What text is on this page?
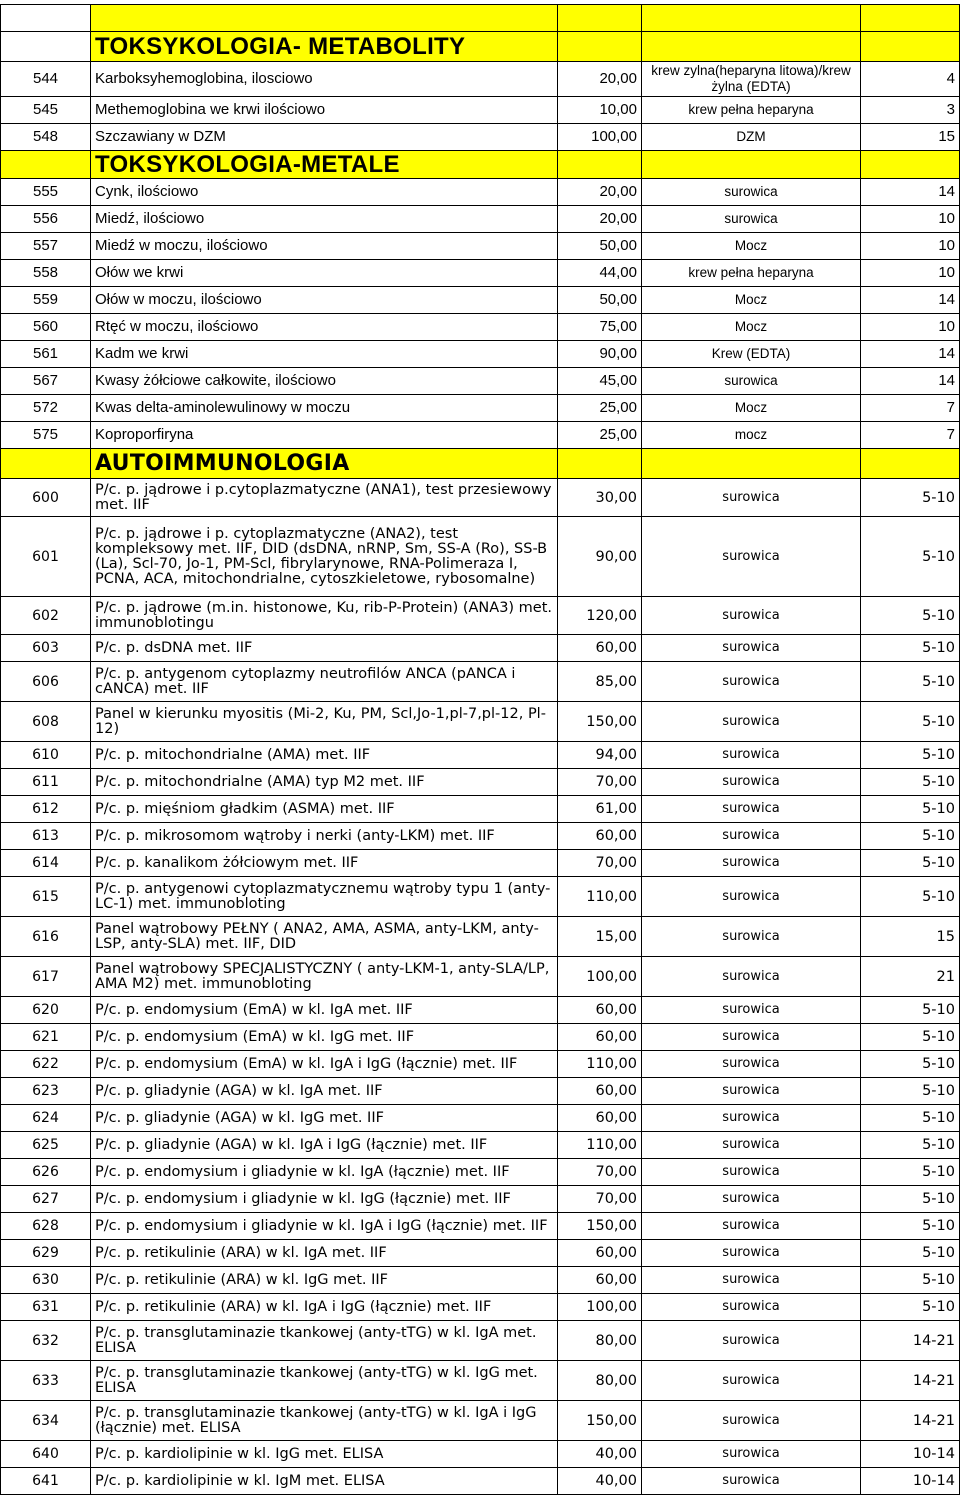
	TOKSYKOLOGIA- METABOLITY			
544	Karboksyhemoglobina, ilosciowo	20,00	krew zylna(heparyna litowa)/krew żylna (EDTA)	4
545	Methemoglobina we krwi ilościowo	10,00	krew pełna heparyna	3
548	Szczawiany w DZM	100,00	DZM	15
	TOKSYKOLOGIA-METALE			
555	Cynk, ilościowo	20,00	surowica	14
556	Miedź, ilościowo	20,00	surowica	10
557	Miedź w moczu, ilościowo	50,00	Mocz	10
558	Ołów we krwi	44,00	krew pełna heparyna	10
559	Ołów w moczu, ilościowo	50,00	Mocz	14
560	Rtęć w moczu, ilościowo	75,00	Mocz	10
561	Kadm we krwi	90,00	Krew (EDTA)	14
567	Kwasy żółciowe całkowite, ilościowo	45,00	surowica	14
572	Kwas delta-aminolewulinowy w moczu	25,00	Mocz	7
575	Koproporfiryna	25,00	mocz	7
	AUTOIMMUNOLOGIA			
600	P/c. p. jądrowe i p.cytoplazmatyczne (ANA1), test przesiewowy met. IIF	30,00	surowica	5-10
601	P/c. p. jądrowe i p. cytoplazmatyczne (ANA2), test kompleksowy met. IIF, DID (dsDNA, nRNP, Sm, SS-A (Ro), SS-B (La), Scl-70, Jo-1, PM-Scl, fibrylarynowe, RNA-Polimeraza I, PCNA, ACA, mitochondrialne, cytoszkieletowe, rybosomalne)	90,00	surowica	5-10
602	P/c. p. jądrowe (m.in. histonowe, Ku, rib-P-Protein) (ANA3) met. immunoblotingu	120,00	surowica	5-10
603	P/c. p. dsDNA met. IIF	60,00	surowica	5-10
606	P/c. p. antygenom cytoplazmy neutrofilów ANCA (pANCA i cANCA) met. IIF	85,00	surowica	5-10
608	Panel w kierunku myositis (Mi-2, Ku, PM, Scl,Jo-1,pl-7,pl-12, Pl-12)	150,00	surowica	5-10
610	P/c. p. mitochondrialne (AMA) met. IIF	94,00	surowica	5-10
611	P/c. p. mitochondrialne (AMA) typ M2 met. IIF	70,00	surowica	5-10
612	P/c. p. mięśniom gładkim (ASMA) met. IIF	61,00	surowica	5-10
613	P/c. p. mikrosomom wątroby i nerki (anty-LKM) met. IIF	60,00	surowica	5-10
614	P/c. p. kanalikom żółciowym met. IIF	70,00	surowica	5-10
615	P/c. p. antygenowi cytoplazmatycznemu wątroby typu 1 (anty-LC-1) met. immunobloting	110,00	surowica	5-10
616	Panel wątrobowy PEŁNY ( ANA2, AMA, ASMA, anty-LKM, anty-LSP, anty-SLA) met. IIF, DID	15,00	surowica	15
617	Panel wątrobowy SPECJALISTYCZNY ( anty-LKM-1, anty-SLA/LP, AMA M2) met. immunobloting	100,00	surowica	21
620	P/c. p. endomysium (EmA) w kl. IgA met. IIF	60,00	surowica	5-10
621	P/c. p. endomysium (EmA) w kl. IgG met. IIF	60,00	surowica	5-10
622	P/c. p. endomysium (EmA) w kl. IgA i IgG (łącznie) met. IIF	110,00	surowica	5-10
623	P/c. p. gliadynie (AGA) w kl. IgA met. IIF	60,00	surowica	5-10
624	P/c. p. gliadynie (AGA) w kl. IgG met. IIF	60,00	surowica	5-10
625	P/c. p. gliadynie (AGA) w kl. IgA i IgG (łącznie) met. IIF	110,00	surowica	5-10
626	P/c. p. endomysium i gliadynie w kl. IgA (łącznie) met. IIF	70,00	surowica	5-10
627	P/c. p. endomysium i gliadynie w kl. IgG (łącznie) met. IIF	70,00	surowica	5-10
628	P/c. p. endomysium i gliadynie w kl. IgA i IgG (łącznie) met. IIF	150,00	surowica	5-10
629	P/c. p. retikulinie (ARA) w kl. IgA met. IIF	60,00	surowica	5-10
630	P/c. p. retikulinie (ARA) w kl. IgG met. IIF	60,00	surowica	5-10
631	P/c. p. retikulinie (ARA) w kl. IgA i IgG (łącznie) met. IIF	100,00	surowica	5-10
632	P/c. p. transglutaminazie tkankowej (anty-tTG) w kl. IgA met. ELISA	80,00	surowica	14-21
633	P/c. p. transglutaminazie tkankowej (anty-tTG) w kl. IgG met. ELISA	80,00	surowica	14-21
634	P/c. p. transglutaminazie tkankowej (anty-tTG) w kl. IgA i IgG (łącznie) met. ELISA	150,00	surowica	14-21
640	P/c. p. kardiolipinie w kl. IgG met. ELISA	40,00	surowica	10-14
641	P/c. p. kardiolipinie w kl. IgM met. ELISA	40,00	surowica	10-14
